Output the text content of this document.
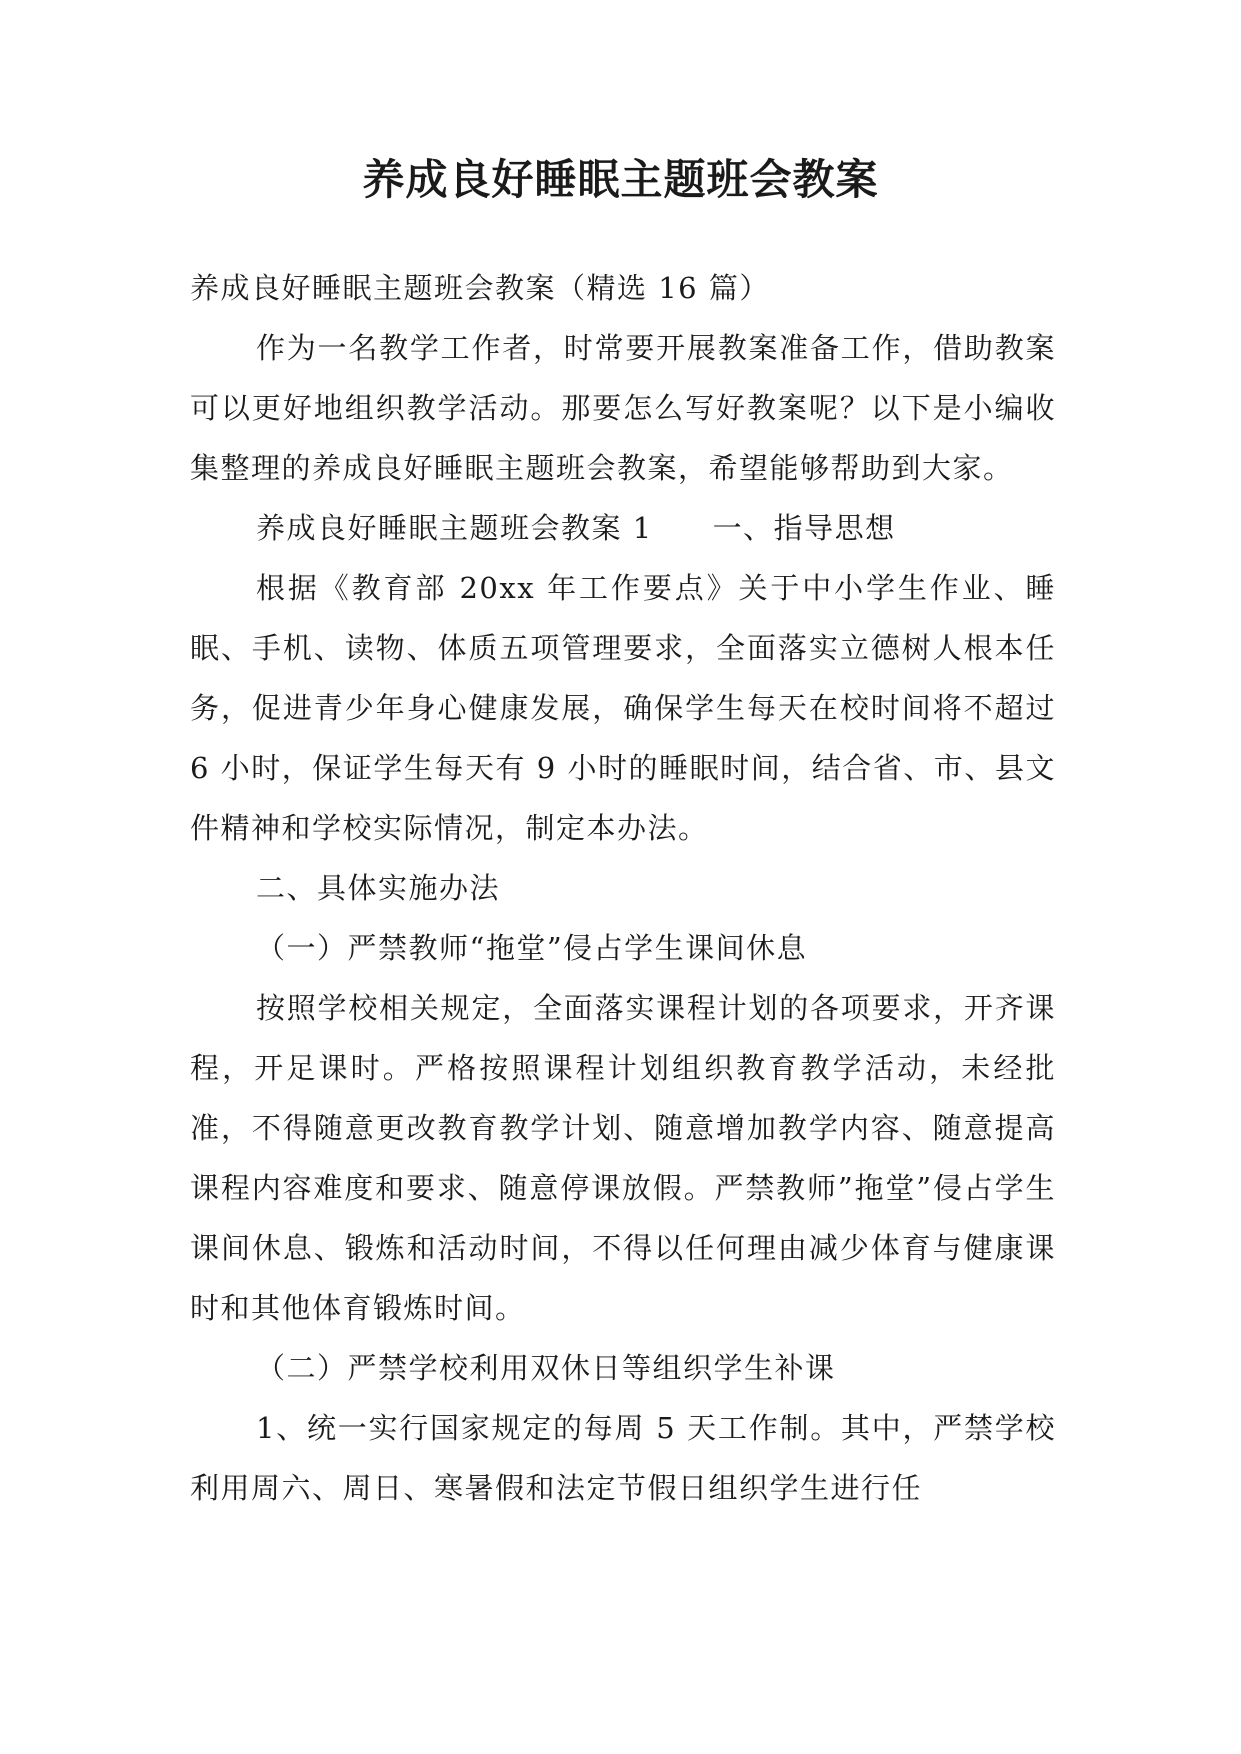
养成良好睡眠主题班会教案

养成良好睡眠主题班会教案（精选 16 篇）

作为一名教学工作者，时常要开展教案准备工作，借助教案可以更好地组织教学活动。那要怎么写好教案呢？以下是小编收集整理的养成良好睡眠主题班会教案，希望能够帮助到大家。

养成良好睡眠主题班会教案 1 一、指导思想

根据《教育部 20xx 年工作要点》关于中小学生作业、睡眠、手机、读物、体质五项管理要求，全面落实立德树人根本任务，促进青少年身心健康发展，确保学生每天在校时间将不超过 6 小时，保证学生每天有 9 小时的睡眠时间，结合省、市、县文件精神和学校实际情况，制定本办法。

二、具体实施办法

（一）严禁教师“拖堂”侵占学生课间休息

按照学校相关规定，全面落实课程计划的各项要求，开齐课程，开足课时。严格按照课程计划组织教育教学活动，未经批准，不得随意更改教育教学计划、随意增加教学内容、随意提高课程内容难度和要求、随意停课放假。严禁教师”拖堂”侵占学生课间休息、锻炼和活动时间，不得以任何理由减少体育与健康课时和其他体育锻炼时间。

（二）严禁学校利用双休日等组织学生补课

1、统一实行国家规定的每周 5 天工作制。其中，严禁学校利用周六、周日、寒暑假和法定节假日组织学生进行任
